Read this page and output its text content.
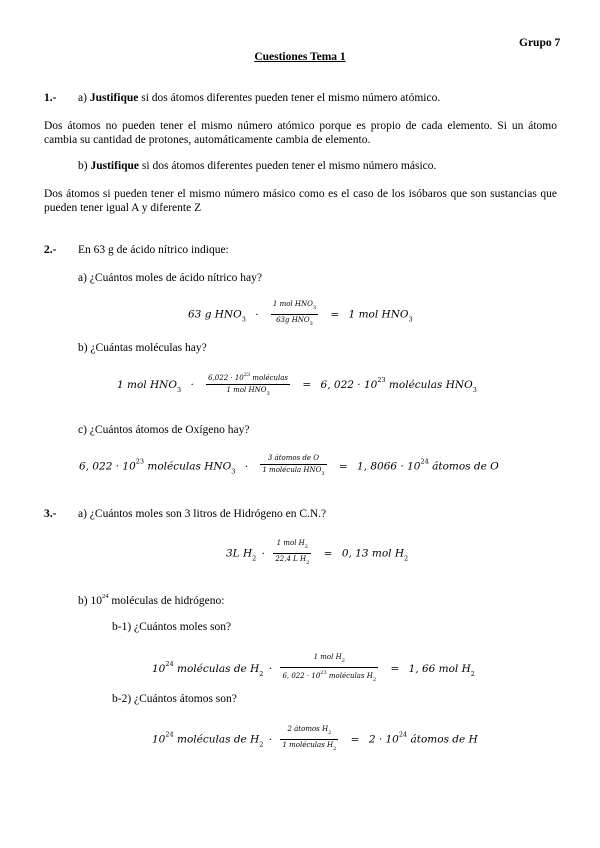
Grupo 7
Cuestiones Tema 1
1.- a) Justifique si dos átomos diferentes pueden tener el mismo número atómico.
Dos átomos no pueden tener el mismo número atómico porque es propio de cada elemento. Si un átomo cambia su cantidad de protones, automáticamente cambia de elemento.
b) Justifique si dos átomos diferentes pueden tener el mismo número másico.
Dos átomos si pueden tener el mismo número másico como es el caso de los isóbaros que son sustancias que pueden tener igual A y diferente Z
2.- En 63 g de ácido nítrico indique:
a) ¿Cuántos moles de ácido nítrico hay?
63 g $HNO_3 \cdot \frac{1 mol HNO_3}{63g HNO_3} = 1$ mol $HNO_3$
b) ¿Cuántas moléculas hay?
1 mol $HNO_3 \cdot \frac{6,022 \cdot 10^{23} moléculas}{1 mol HNO_3} = 6$, $022 \cdot 10^{23}$ moléculas $HNO_3$
c) ¿Cuántos átomos de Oxígeno hay?
6, $022 \cdot 10^{23}$ moléculas $HNO_3 \cdot \frac{\text{3 átomos de O}}{1 molécula HNO_3} = 1$, $8066 \cdot 10^{24}$ átomos de O
3.- a) ¿Cuántos moles son 3 litros de Hidrógeno en C.N.?
3L $H_2 \cdot \frac{1 mol H_2}{22,4 L H_2} = 0$, 13 mol $H_2$
b) $10^{24}$ moléculas de hidrógeno:
b-1) ¿Cuántos moles son?
$10^{24}$ moléculas de $H_2 \cdot \frac{1 mol H_2}{6, 022 \cdot 10^{23} moléculas H_2} = 1$, 66 mol $H_2$
b-2) ¿Cuántos átomos son?
$10^{24}$ moléculas de $H_2 \cdot \frac{2 átomos H_2}{1 moléculas H_2} = 2 \cdot 10^{24}$ átomos de H
